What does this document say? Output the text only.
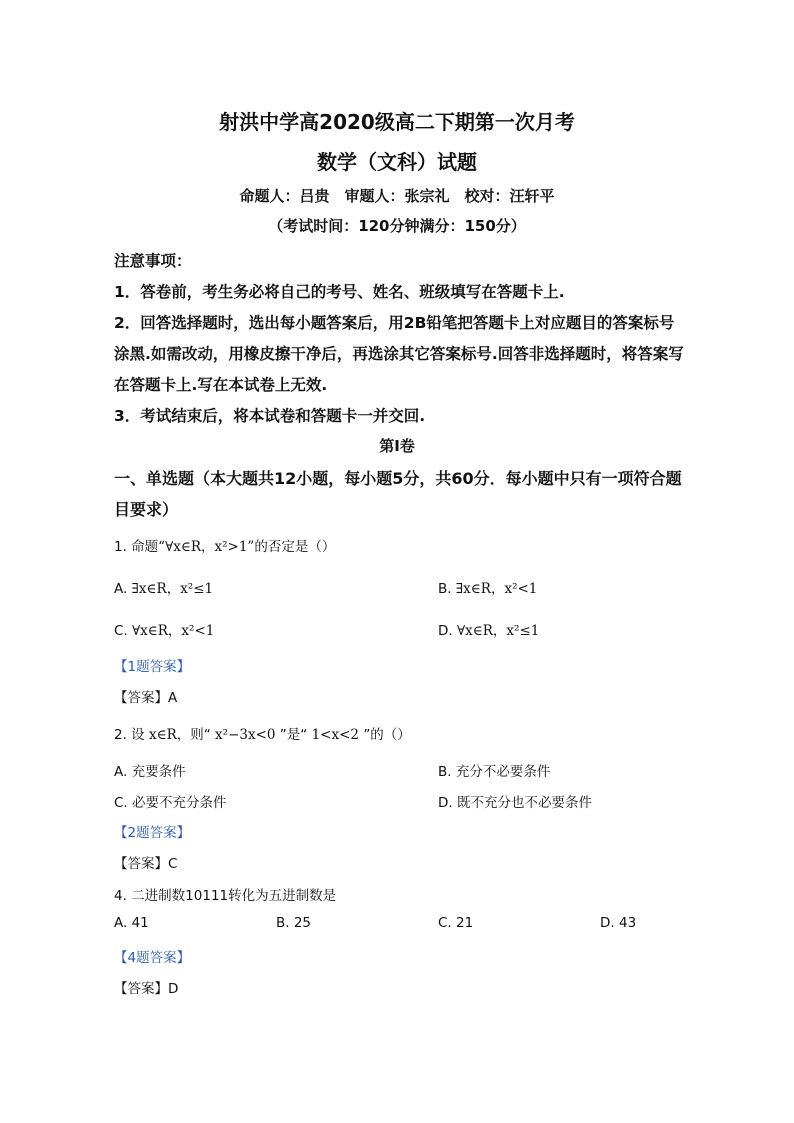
射洪中学高2020级高二下期第一次月考
数学（文科）试题
命题人：吕贵　审题人：张宗礼　校对：汪轩平
（考试时间：120分钟满分：150分）
注意事项：
1．答卷前，考生务必将自己的考号、姓名、班级填写在答题卡上.
2．回答选择题时，选出每小题答案后，用2B铅笔把答题卡上对应题目的答案标号
涂黑.如需改动，用橡皮擦干净后，再选涂其它答案标号.回答非选择题时，将答案写
在答题卡上.写在本试卷上无效.
3．考试结束后，将本试卷和答题卡一并交回.
第Ⅰ卷
一、单选题（本大题共12小题，每小题5分，共60分．每小题中只有一项符合题
目要求）
1. 命题“∀x∈R，x²>1”的否定是（）
A. ∃x∈R，x²≤1	B. ∃x∈R，x²<1
C. ∀x∈R，x²<1	D. ∀x∈R，x²≤1
【1题答案】
【答案】A
2. 设 x∈R，则“ x²−3x<0 ”是“ 1<x<2 ”的（）
A. 充要条件	B. 充分不必要条件
C. 必要不充分条件	D. 既不充分也不必要条件
【2题答案】
【答案】C
4. 二进制数10111转化为五进制数是
A. 41	B. 25	C. 21	D. 43
【4题答案】
【答案】D
